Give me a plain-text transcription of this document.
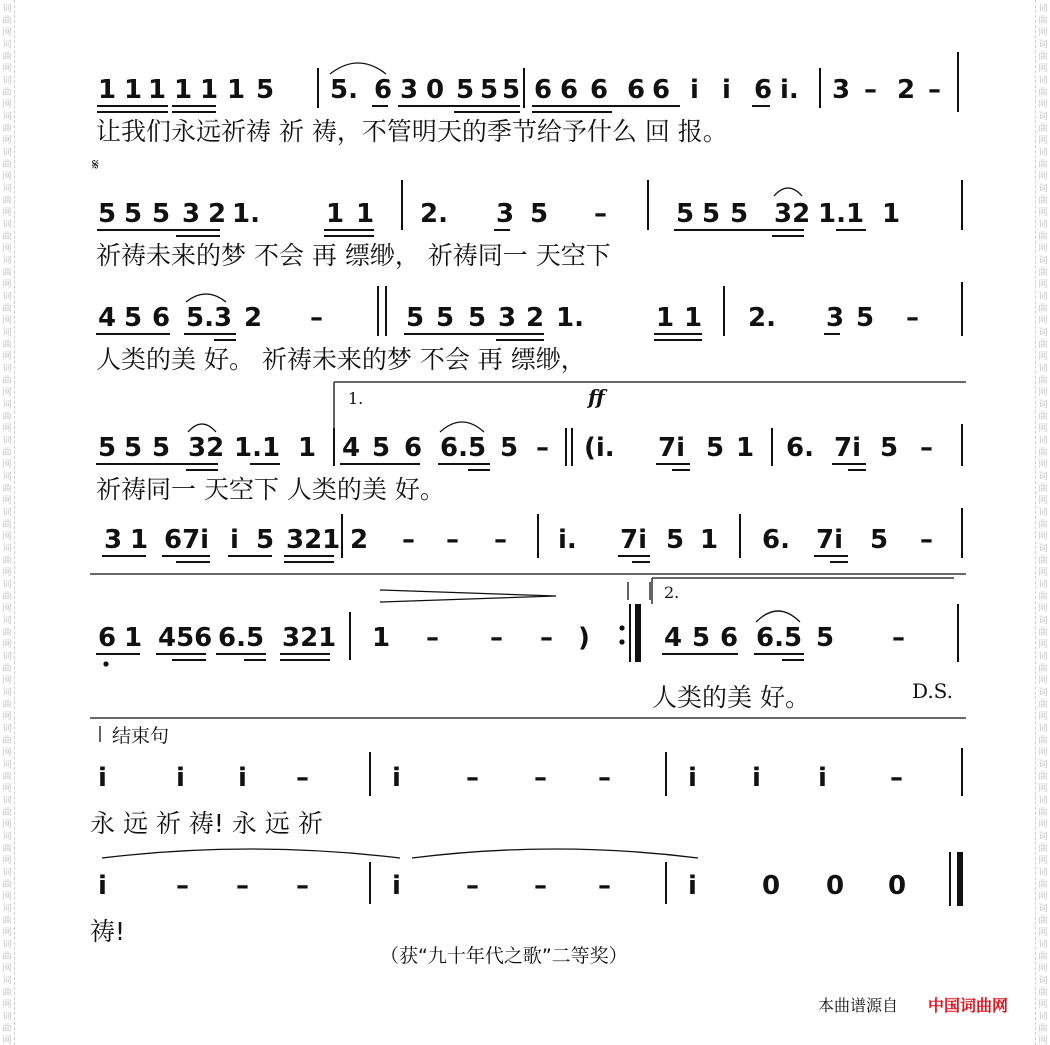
词
曲
网
词
曲
网
词
曲
网
词
曲
网
词
曲
网
词
曲
网
词
曲
网
词
曲
网
词
曲
网
词
曲
网
词
曲
网
词
曲
网
词
曲
网
词
曲
网
词
曲
网
词
曲
网
词
曲
网
词
曲
网
词
曲
网
词
曲
网
词
曲
网
词
曲
网
词
曲
网
词
曲
网
词
曲
网
词
曲
网
词
曲
网
词
曲
网
词
曲
网
词
曲
网
词
曲
网
词
曲
网
词
曲
网
词
曲
网
词
曲
网
词
曲
网
词
曲
网
词
曲
网
词
曲
网
词
曲
网
词
曲
网
词
曲
网
词
曲
网
词
曲
网
词
曲
网
词
曲
网
词
曲
网
词
曲
网
词
曲
网
词
曲
网
词
曲
网
词
曲
网
词
曲
网
词
曲
网
词
曲
网
词
曲
网
词
曲
网
词
曲
网
1 1 1 1 1 1 5 5. 6 3 0 5 5 5 6 6 6 6 6 i i 6 i. 3 – 2 –
让我们永远祈祷 祈 祷，不管明天的季节给予什么 回 报。
𝄋
5 5 5 3 2 1.	1 1 2. 3 5 –	5 5 5 32 1.1 1
祈祷未来的梦 不会 再 缥缈， 祈祷同一 天空下
4 5 6 5.3 2 –	5 5 5 3 2 1.	1 1 2. 3 5 –
人类的美 好。 祈祷未来的梦 不会 再 缥缈，
1.	ff
5 5 5 32 1.1 1 4 5 6 6.5 5 – (i. 7i 5 1 6. 7i 5 –
祈祷同一 天空下 人类的美 好。
3 1 67i i 5 321 2 – – – i. 7i 5 1 6. 7i 5 –
2.
6 1 456 6.5 321 1 – – – )	4 5 6 6.5 5 –
人类的美 好。	D.S.
结束句
i	i i –	i	– – –	i i i –
永 远 祈 祷! 永 远 祈
i	– – –	i	– – –	i	0 0 0
祷!
（获“九十年代之歌”二等奖）
本曲谱源自 中国词曲网
